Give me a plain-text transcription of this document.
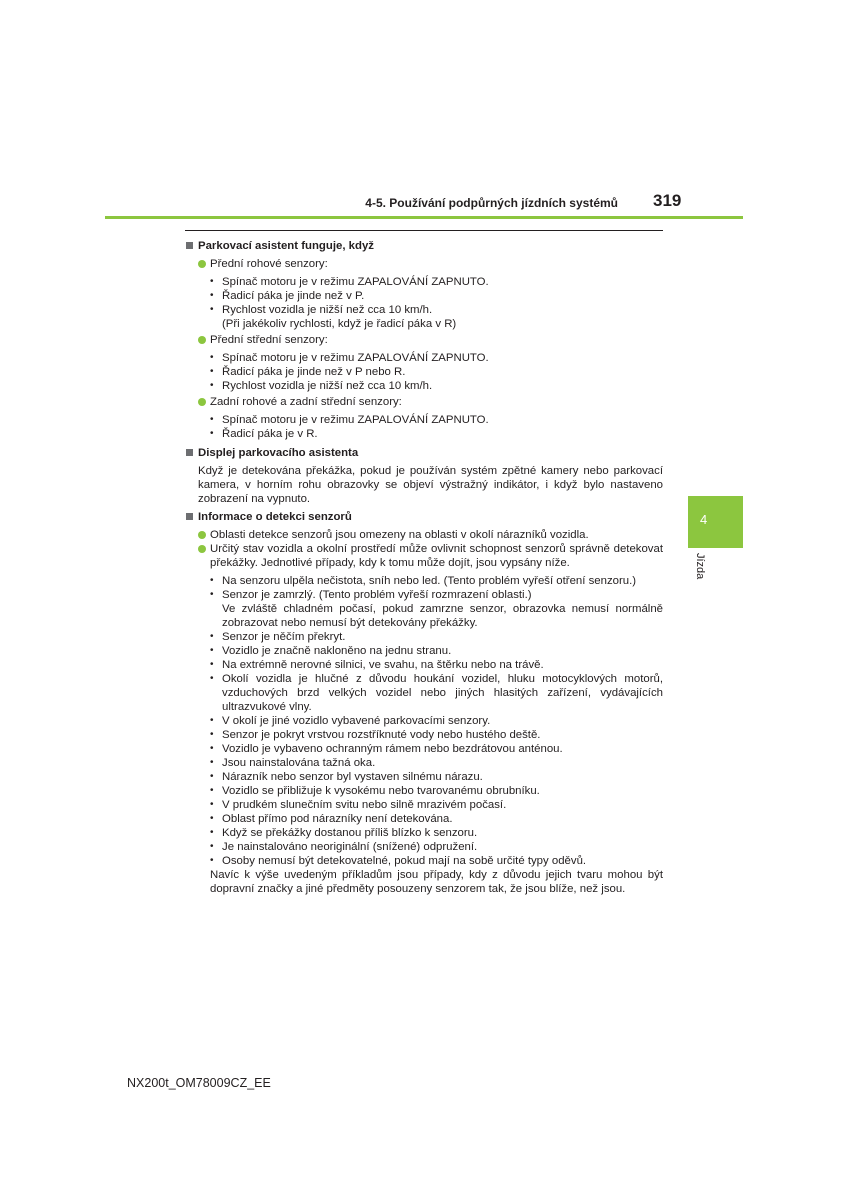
4-5. Používání podpůrných jízdních systémů 319
4
Jízda
Parkovací asistent funguje, když
Přední rohové senzory:
• Spínač motoru je v režimu ZAPALOVÁNÍ ZAPNUTO.
• Řadicí páka je jinde než v P.
• Rychlost vozidla je nižší než cca 10 km/h.
(Při jakékoliv rychlosti, když je řadicí páka v R)
Přední střední senzory:
• Spínač motoru je v režimu ZAPALOVÁNÍ ZAPNUTO.
• Řadicí páka je jinde než v P nebo R.
• Rychlost vozidla je nižší než cca 10 km/h.
Zadní rohové a zadní střední senzory:
• Spínač motoru je v režimu ZAPALOVÁNÍ ZAPNUTO.
• Řadicí páka je v R.
Displej parkovacího asistenta
Když je detekována překážka, pokud je používán systém zpětné kamery nebo parkovací kamera, v horním rohu obrazovky se objeví výstražný indikátor, i když bylo nastaveno zobrazení na vypnuto.
Informace o detekci senzorů
Oblasti detekce senzorů jsou omezeny na oblasti v okolí nárazníků vozidla.
Určitý stav vozidla a okolní prostředí může ovlivnit schopnost senzorů správně detekovat překážky. Jednotlivé případy, kdy k tomu může dojít, jsou vypsány níže.
• Na senzoru ulpěla nečistota, sníh nebo led. (Tento problém vyřeší otření senzoru.)
• Senzor je zamrzlý. (Tento problém vyřeší rozmrazení oblasti.)
Ve zvláště chladném počasí, pokud zamrzne senzor, obrazovka nemusí normálně zobrazovat nebo nemusí být detekovány překážky.
• Senzor je něčím překryt.
• Vozidlo je značně nakloněno na jednu stranu.
• Na extrémně nerovné silnici, ve svahu, na štěrku nebo na trávě.
• Okolí vozidla je hlučné z důvodu houkání vozidel, hluku motocyklových motorů, vzduchových brzd velkých vozidel nebo jiných hlasitých zařízení, vydávajících ultrazvukové vlny.
• V okolí je jiné vozidlo vybavené parkovacími senzory.
• Senzor je pokryt vrstvou rozstříknuté vody nebo hustého deště.
• Vozidlo je vybaveno ochranným rámem nebo bezdrátovou anténou.
• Jsou nainstalována tažná oka.
• Nárazník nebo senzor byl vystaven silnému nárazu.
• Vozidlo se přibližuje k vysokému nebo tvarovanému obrubníku.
• V prudkém slunečním svitu nebo silně mrazivém počasí.
• Oblast přímo pod nárazníky není detekována.
• Když se překážky dostanou příliš blízko k senzoru.
• Je nainstalováno neoriginální (snížené) odpružení.
• Osoby nemusí být detekovatelné, pokud mají na sobě určité typy oděvů.
Navíc k výše uvedeným příkladům jsou případy, kdy z důvodu jejich tvaru mohou být dopravní značky a jiné předměty posouzeny senzorem tak, že jsou blíže, než jsou.
NX200t_OM78009CZ_EE
